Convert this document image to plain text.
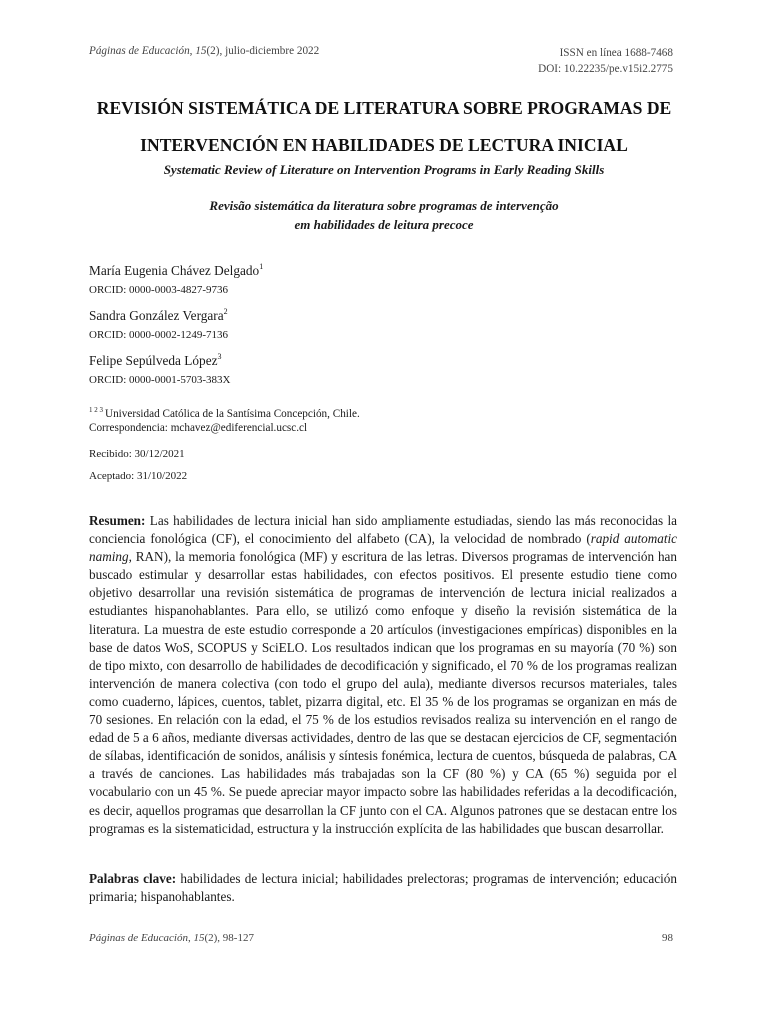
Páginas de Educación, 15(2), julio-diciembre 2022	ISSN en línea 1688-7468
DOI: 10.22235/pe.v15i2.2775
REVISIÓN SISTEMÁTICA DE LITERATURA SOBRE PROGRAMAS DE
INTERVENCIÓN EN HABILIDADES DE LECTURA INICIAL
Systematic Review of Literature on Intervention Programs in Early Reading Skills
Revisão sistemática da literatura sobre programas de intervenção
em habilidades de leitura precoce
María Eugenia Chávez Delgado$^1$
ORCID: 0000-0003-4827-9736
Sandra González Vergara$^2$
ORCID: 0000-0002-1249-7136
Felipe Sepúlveda López$^3$
ORCID: 0000-0001-5703-383X
$^{1 2 3}$ Universidad Católica de la Santísima Concepción, Chile.
Correspondencia: mchavez@ediferencial.ucsc.cl
Recibido: 30/12/2021
Aceptado: 31/10/2022
Resumen: Las habilidades de lectura inicial han sido ampliamente estudiadas, siendo las más reconocidas la conciencia fonológica (CF), el conocimiento del alfabeto (CA), la velocidad de nombrado (rapid automatic naming, RAN), la memoria fonológica (MF) y escritura de las letras. Diversos programas de intervención han buscado estimular y desarrollar estas habilidades, con efectos positivos. El presente estudio tiene como objetivo desarrollar una revisión sistemática de programas de intervención de lectura inicial realizados a estudiantes hispanohablantes. Para ello, se utilizó como enfoque y diseño la revisión sistemática de la literatura. La muestra de este estudio corresponde a 20 artículos (investigaciones empíricas) disponibles en la base de datos WoS, SCOPUS y SciELO. Los resultados indican que los programas en su mayoría (70 %) son de tipo mixto, con desarrollo de habilidades de decodificación y significado, el 70 % de los programas realizan intervención de manera colectiva (con todo el grupo del aula), mediante diversos recursos materiales, tales como cuaderno, lápices, cuentos, tablet, pizarra digital, etc. El 35 % de los programas se organizan en más de 70 sesiones. En relación con la edad, el 75 % de los estudios revisados realiza su intervención en el rango de edad de 5 a 6 años, mediante diversas actividades, dentro de las que se destacan ejercicios de CF, segmentación de sílabas, identificación de sonidos, análisis y síntesis fonémica, lectura de cuentos, búsqueda de palabras, CA a través de canciones. Las habilidades más trabajadas son la CF (80 %) y CA (65 %) seguida por el vocabulario con un 45 %. Se puede apreciar mayor impacto sobre las habilidades referidas a la decodificación, es decir, aquellos programas que desarrollan la CF junto con el CA. Algunos patrones que se destacan entre los programas es la sistematicidad, estructura y la instrucción explícita de las habilidades que buscan desarrollar.
Palabras clave: habilidades de lectura inicial; habilidades prelectoras; programas de intervención; educación primaria; hispanohablantes.
Páginas de Educación, 15(2), 98-127	98
